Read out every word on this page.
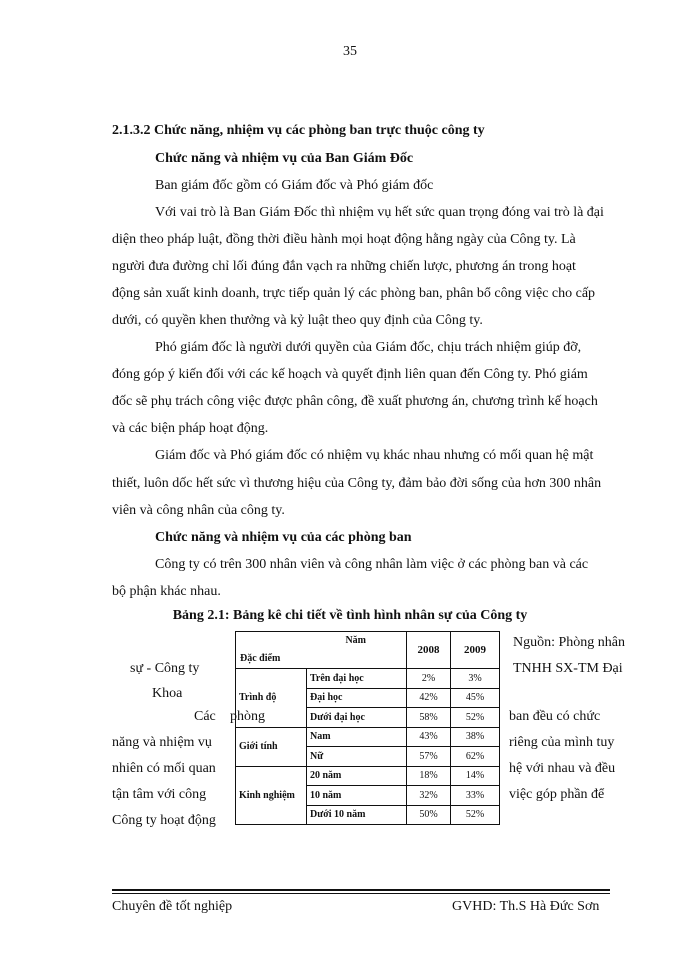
35
2.1.3.2 Chức năng, nhiệm vụ các phòng ban trực thuộc công ty
Chức năng và nhiệm vụ của Ban Giám Đốc
Ban giám đốc gồm có Giám đốc và Phó giám đốc
Với vai trò là Ban Giám Đốc thì nhiệm vụ hết sức quan trọng đóng vai trò là đại
diện theo pháp luật, đồng thời điều hành mọi hoạt động hằng ngày của Công ty. Là
người đưa đường chỉ lối đúng đắn vạch ra những chiến lược, phương án trong hoạt
động sản xuất kinh doanh, trực tiếp quản lý các phòng ban, phân bổ công việc cho cấp
dưới, có quyền khen thưởng và kỷ luật theo quy định của Công ty.
Phó giám đốc là người dưới quyền của Giám đốc, chịu trách nhiệm giúp đỡ,
đóng góp ý kiến đối với các kế hoạch và quyết định liên quan đến Công ty. Phó giám
đốc sẽ phụ trách công việc được phân công, đề xuất phương án, chương trình kế hoạch
và các biện pháp hoạt động.
Giám đốc và Phó giám đốc có nhiệm vụ khác nhau nhưng có mối quan hệ mật
thiết, luôn dốc hết sức vì thương hiệu của Công ty, đảm bảo đời sống của hơn 300 nhân
viên và công nhân của công ty.
Chức năng và nhiệm vụ của các phòng ban
Công ty có trên 300 nhân viên và công nhân làm việc ở các phòng ban và các
bộ phận khác nhau.
Bảng 2.1: Bảng kê chi tiết về tình hình nhân sự của Công ty
Nguồn: Phòng nhân
sự - Công ty	TNHH SX-TM Đại
Khoa
Các phòng	ban đều có chức
năng và nhiệm vụ	riêng của mình tuy
nhiên có mối quan	hệ với nhau và đều
tận tâm với công	việc góp phần để
Công ty hoạt động
Năm
Đặc điểm		2008	2009
Trình độ	Trên đại học	2%	3%
	Đại học	42%	45%
	Dưới đại học	58%	52%
Giới tính	Nam	43%	38%
	Nữ	57%	62%
Kinh nghiệm	20 năm	18%	14%
	10 năm	32%	33%
	Dưới 10 năm	50%	52%
Chuyên đề tốt nghiệp	GVHD: Th.S Hà Đức Sơn
